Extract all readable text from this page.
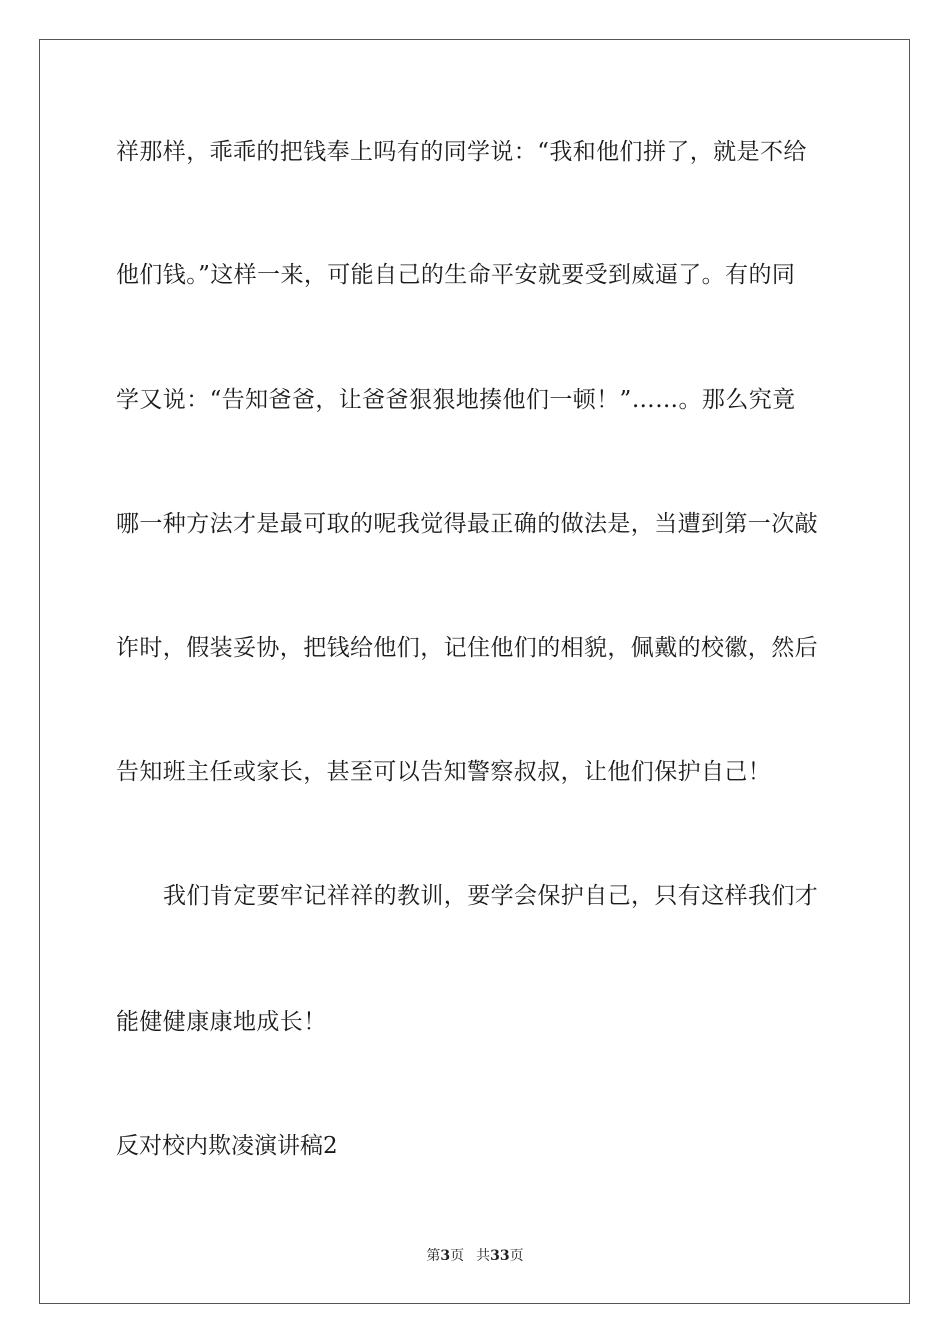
祥那样，乖乖的把钱奉上吗有的同学说：“我和他们拼了，就是不给
他们钱。”这样一来，可能自己的生命平安就要受到威逼了。有的同
学又说：“告知爸爸，让爸爸狠狠地揍他们一顿！”……。那么究竟
哪一种方法才是最可取的呢我觉得最正确的做法是，当遭到第一次敲
诈时，假装妥协，把钱给他们，记住他们的相貌，佩戴的校徽，然后
告知班主任或家长，甚至可以告知警察叔叔，让他们保护自己！
我们肯定要牢记祥祥的教训，要学会保护自己，只有这样我们才
能健健康康地成长！
反对校内欺凌演讲稿2
第3页 共33页
